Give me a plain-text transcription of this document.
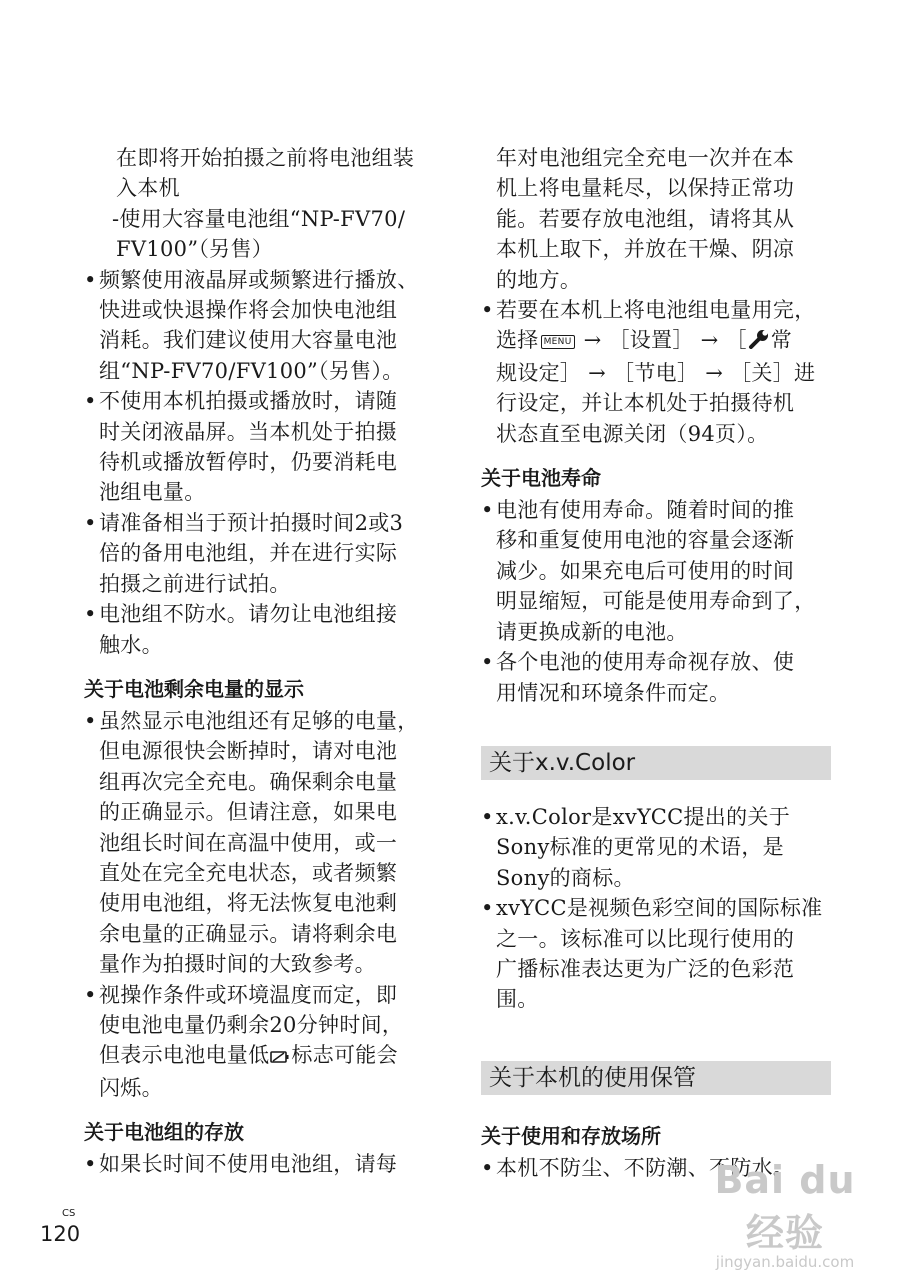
在即将开始拍摄之前将电池组装
入本机
-使用大容量电池组“NP-FV70/
FV100”（另售）
• 频繁使用液晶屏或频繁进行播放、
快进或快退操作将会加快电池组
消耗。我们建议使用大容量电池
组“NP-FV70/FV100”（另售）。
• 不使用本机拍摄或播放时，请随
时关闭液晶屏。当本机处于拍摄
待机或播放暂停时，仍要消耗电
池组电量。
• 请准备相当于预计拍摄时间2或3
倍的备用电池组，并在进行实际
拍摄之前进行试拍。
• 电池组不防水。请勿让电池组接
触水。
关于电池剩余电量的显示
• 虽然显示电池组还有足够的电量，
但电源很快会断掉时，请对电池
组再次完全充电。确保剩余电量
的正确显示。但请注意，如果电
池组长时间在高温中使用，或一
直处在完全充电状态，或者频繁
使用电池组，将无法恢复电池剩
余电量的正确显示。请将剩余电
量作为拍摄时间的大致参考。
• 视操作条件或环境温度而定，即
使电池电量仍剩余20分钟时间，
但表示电池电量低 标志可能会
闪烁。
关于电池组的存放
• 如果长时间不使用电池组，请每
年对电池组完全充电一次并在本
机上将电量耗尽，以保持正常功
能。若要存放电池组，请将其从
本机上取下，并放在干燥、阴凉
的地方。
• 若要在本机上将电池组电量用完，
选择 MENU → ［设置］ → ［ 常
规设定］ → ［节电］ → ［关］进
行设定，并让本机处于拍摄待机
状态直至电源关闭（94页）。
关于电池寿命
• 电池有使用寿命。随着时间的推
移和重复使用电池的容量会逐渐
减少。如果充电后可使用的时间
明显缩短，可能是使用寿命到了，
请更换成新的电池。
• 各个电池的使用寿命视存放、使
用情况和环境条件而定。
关于x.v.Color
• x.v.Color是xvYCC提出的关于
Sony标准的更常见的术语，是
Sony的商标。
• xvYCC是视频色彩空间的国际标准
之一。该标准可以比现行使用的
广播标准表达更为广泛的色彩范
围。
关于本机的使用保管
关于使用和存放场所
• 本机不防尘、不防潮、不防水。
CS
120
Bai du 经验
jingyan.baidu.com
